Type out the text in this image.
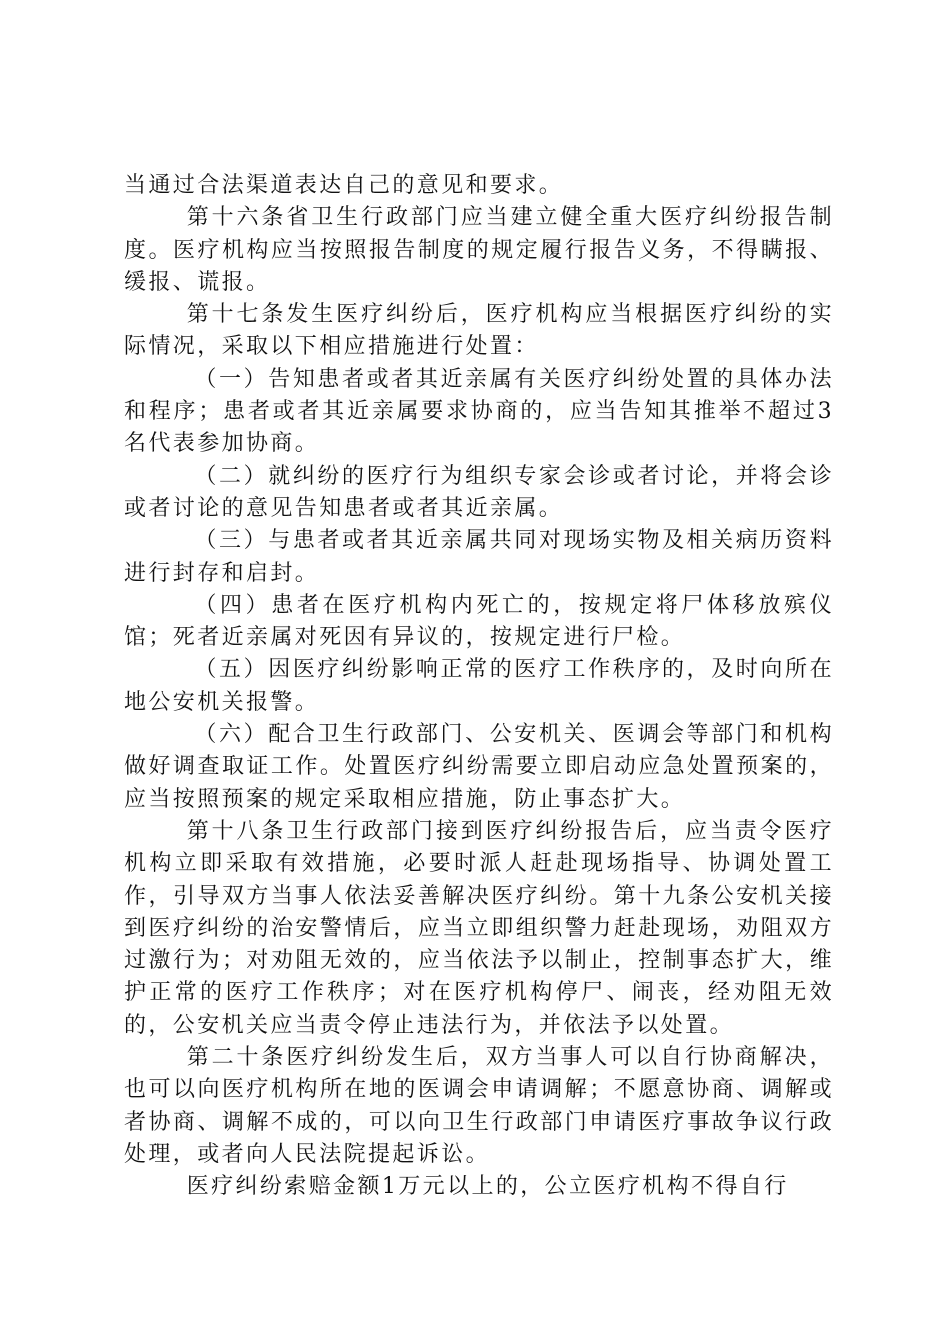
当通过合法渠道表达自己的意见和要求。

第十六条省卫生行政部门应当建立健全重大医疗纠纷报告制度。医疗机构应当按照报告制度的规定履行报告义务，不得瞒报、缓报、谎报。

第十七条发生医疗纠纷后，医疗机构应当根据医疗纠纷的实际情况，采取以下相应措施进行处置：

（一）告知患者或者其近亲属有关医疗纠纷处置的具体办法和程序；患者或者其近亲属要求协商的，应当告知其推举不超过3名代表参加协商。

（二）就纠纷的医疗行为组织专家会诊或者讨论，并将会诊或者讨论的意见告知患者或者其近亲属。

（三）与患者或者其近亲属共同对现场实物及相关病历资料进行封存和启封。

（四）患者在医疗机构内死亡的，按规定将尸体移放殡仪馆；死者近亲属对死因有异议的，按规定进行尸检。

（五）因医疗纠纷影响正常的医疗工作秩序的，及时向所在地公安机关报警。

（六）配合卫生行政部门、公安机关、医调会等部门和机构做好调查取证工作。处置医疗纠纷需要立即启动应急处置预案的，应当按照预案的规定采取相应措施，防止事态扩大。

第十八条卫生行政部门接到医疗纠纷报告后，应当责令医疗机构立即采取有效措施，必要时派人赶赴现场指导、协调处置工作，引导双方当事人依法妥善解决医疗纠纷。第十九条公安机关接到医疗纠纷的治安警情后，应当立即组织警力赶赴现场，劝阻双方过激行为；对劝阻无效的，应当依法予以制止，控制事态扩大，维护正常的医疗工作秩序；对在医疗机构停尸、闹丧，经劝阻无效的，公安机关应当责令停止违法行为，并依法予以处置。

第二十条医疗纠纷发生后，双方当事人可以自行协商解决，也可以向医疗机构所在地的医调会申请调解；不愿意协商、调解或者协商、调解不成的，可以向卫生行政部门申请医疗事故争议行政处理，或者向人民法院提起诉讼。

医疗纠纷索赔金额1万元以上的，公立医疗机构不得自行
